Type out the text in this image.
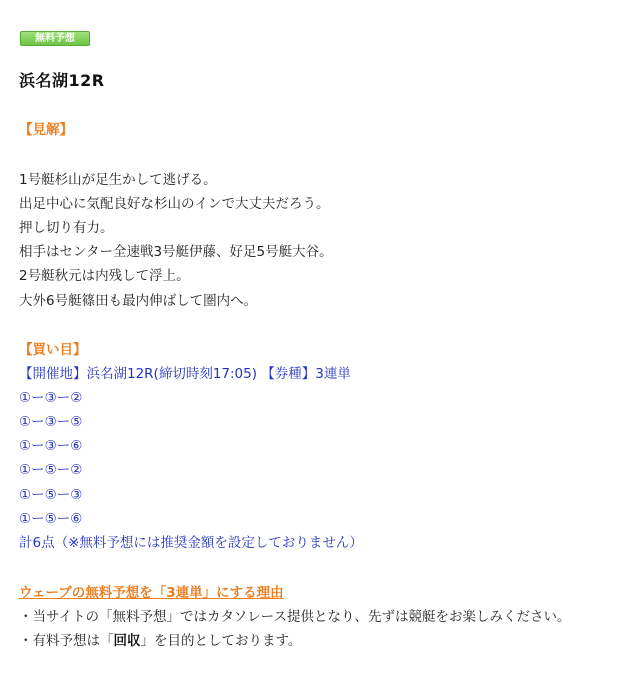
無料予想
浜名湖12R
【見解】
1号艇杉山が足生かして逃げる。
出足中心に気配良好な杉山のインで大丈夫だろう。
押し切り有力。
相手はセンター全速戦3号艇伊藤、好足5号艇大谷。
2号艇秋元は内残して浮上。
大外6号艇篠田も最内伸ばして圏内へ。
【買い目】
【開催地】浜名湖12R(締切時刻17:05) 【券種】3連単
①ー③ー②
①ー③ー⑤
①ー③ー⑥
①ー⑤ー②
①ー⑤ー③
①ー⑤ー⑥
計6点（※無料予想には推奨金額を設定しておりません）
ウェーブの無料予想を「3連単」にする理由
・当サイトの「無料予想」ではカタソレース提供となり、先ずは競艇をお楽しみください。
・有料予想は「回収」を目的としております。
